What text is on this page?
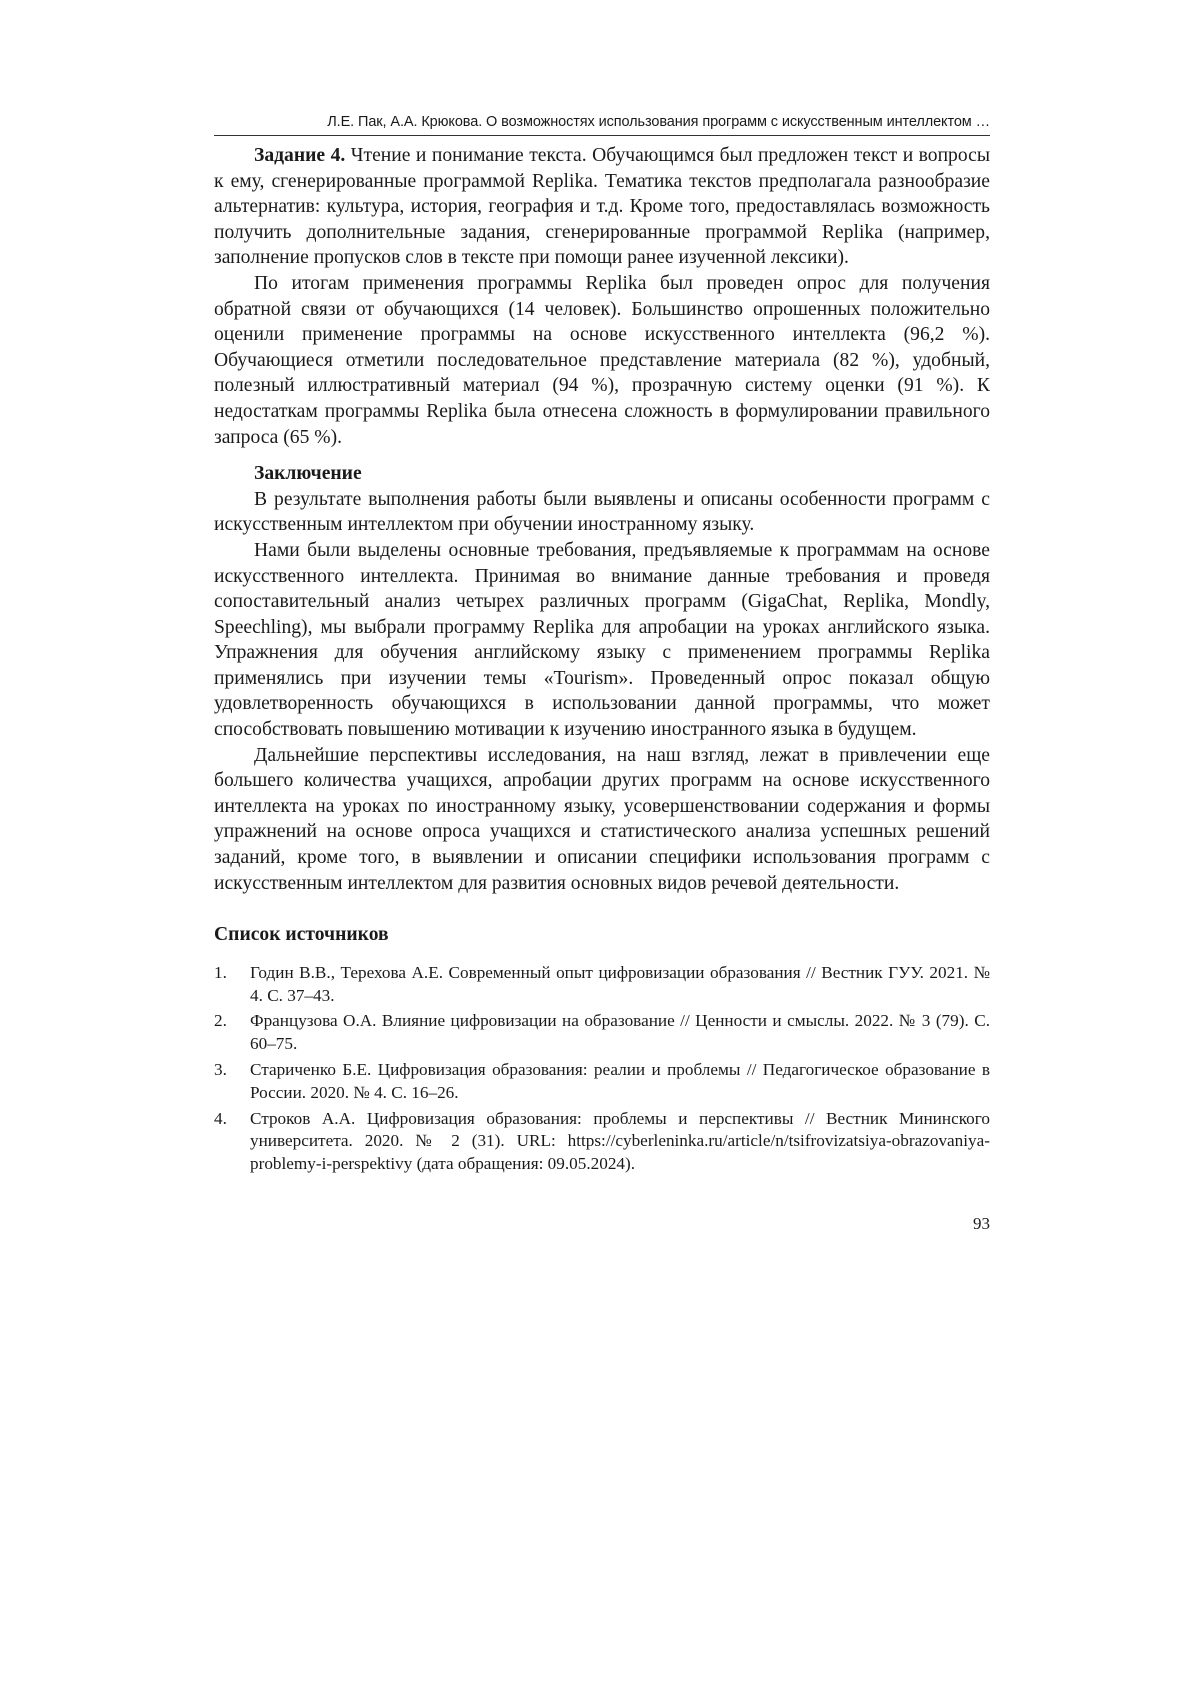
Л.Е. Пак, А.А. Крюкова. О возможностях использования программ с искусственным интеллектом …

Задание 4. Чтение и понимание текста. Обучающимся был предложен текст и вопросы к ему, сгенерированные программой Replika. Тематика текстов предполагала разнообразие альтернатив: культура, история, география и т.д. Кроме того, предоставлялась возможность получить дополнительные задания, сгенерированные программой Replika (например, заполнение пропусков слов в тексте при помощи ранее изученной лексики).

По итогам применения программы Replika был проведен опрос для получения обратной связи от обучающихся (14 человек). Большинство опрошенных положительно оценили применение программы на основе искусственного интеллекта (96,2 %). Обучающиеся отметили последовательное представление материала (82 %), удобный, полезный иллюстративный материал (94 %), прозрачную систему оценки (91 %). К недостаткам программы Replika была отнесена сложность в формулировании правильного запроса (65 %).

Заключение

В результате выполнения работы были выявлены и описаны особенности программ с искусственным интеллектом при обучении иностранному языку.

Нами были выделены основные требования, предъявляемые к программам на основе искусственного интеллекта. Принимая во внимание данные требования и проведя сопоставительный анализ четырех различных программ (GigaChat, Replika, Mondly, Speechling), мы выбрали программу Replika для апробации на уроках английского языка. Упражнения для обучения английскому языку с применением программы Replika применялись при изучении темы «Tourism». Проведенный опрос показал общую удовлетворенность обучающихся в использовании данной программы, что может способствовать повышению мотивации к изучению иностранного языка в будущем.

Дальнейшие перспективы исследования, на наш взгляд, лежат в привлечении еще большего количества учащихся, апробации других программ на основе искусственного интеллекта на уроках по иностранному языку, усовершенствовании содержания и формы упражнений на основе опроса учащихся и статистического анализа успешных решений заданий, кроме того, в выявлении и описании специфики использования программ с искусственным интеллектом для развития основных видов речевой деятельности.

Список источников
1.	Годин В.В., Терехова А.Е. Современный опыт цифровизации образования // Вестник ГУУ. 2021. № 4. С. 37–43.
2.	Французова О.А. Влияние цифровизации на образование // Ценности и смыслы. 2022. № 3 (79). С. 60–75.
3.	Стариченко Б.Е. Цифровизация образования: реалии и проблемы // Педагогическое образование в России. 2020. № 4. С. 16–26.
4.	Строков А.А. Цифровизация образования: проблемы и перспективы // Вестник Мининского университета. 2020. № 2 (31). URL: https://cyberleninka.ru/article/n/tsifrovizatsiya-obrazovaniya-problemy-i-perspektivy (дата обращения: 09.05.2024).
93
